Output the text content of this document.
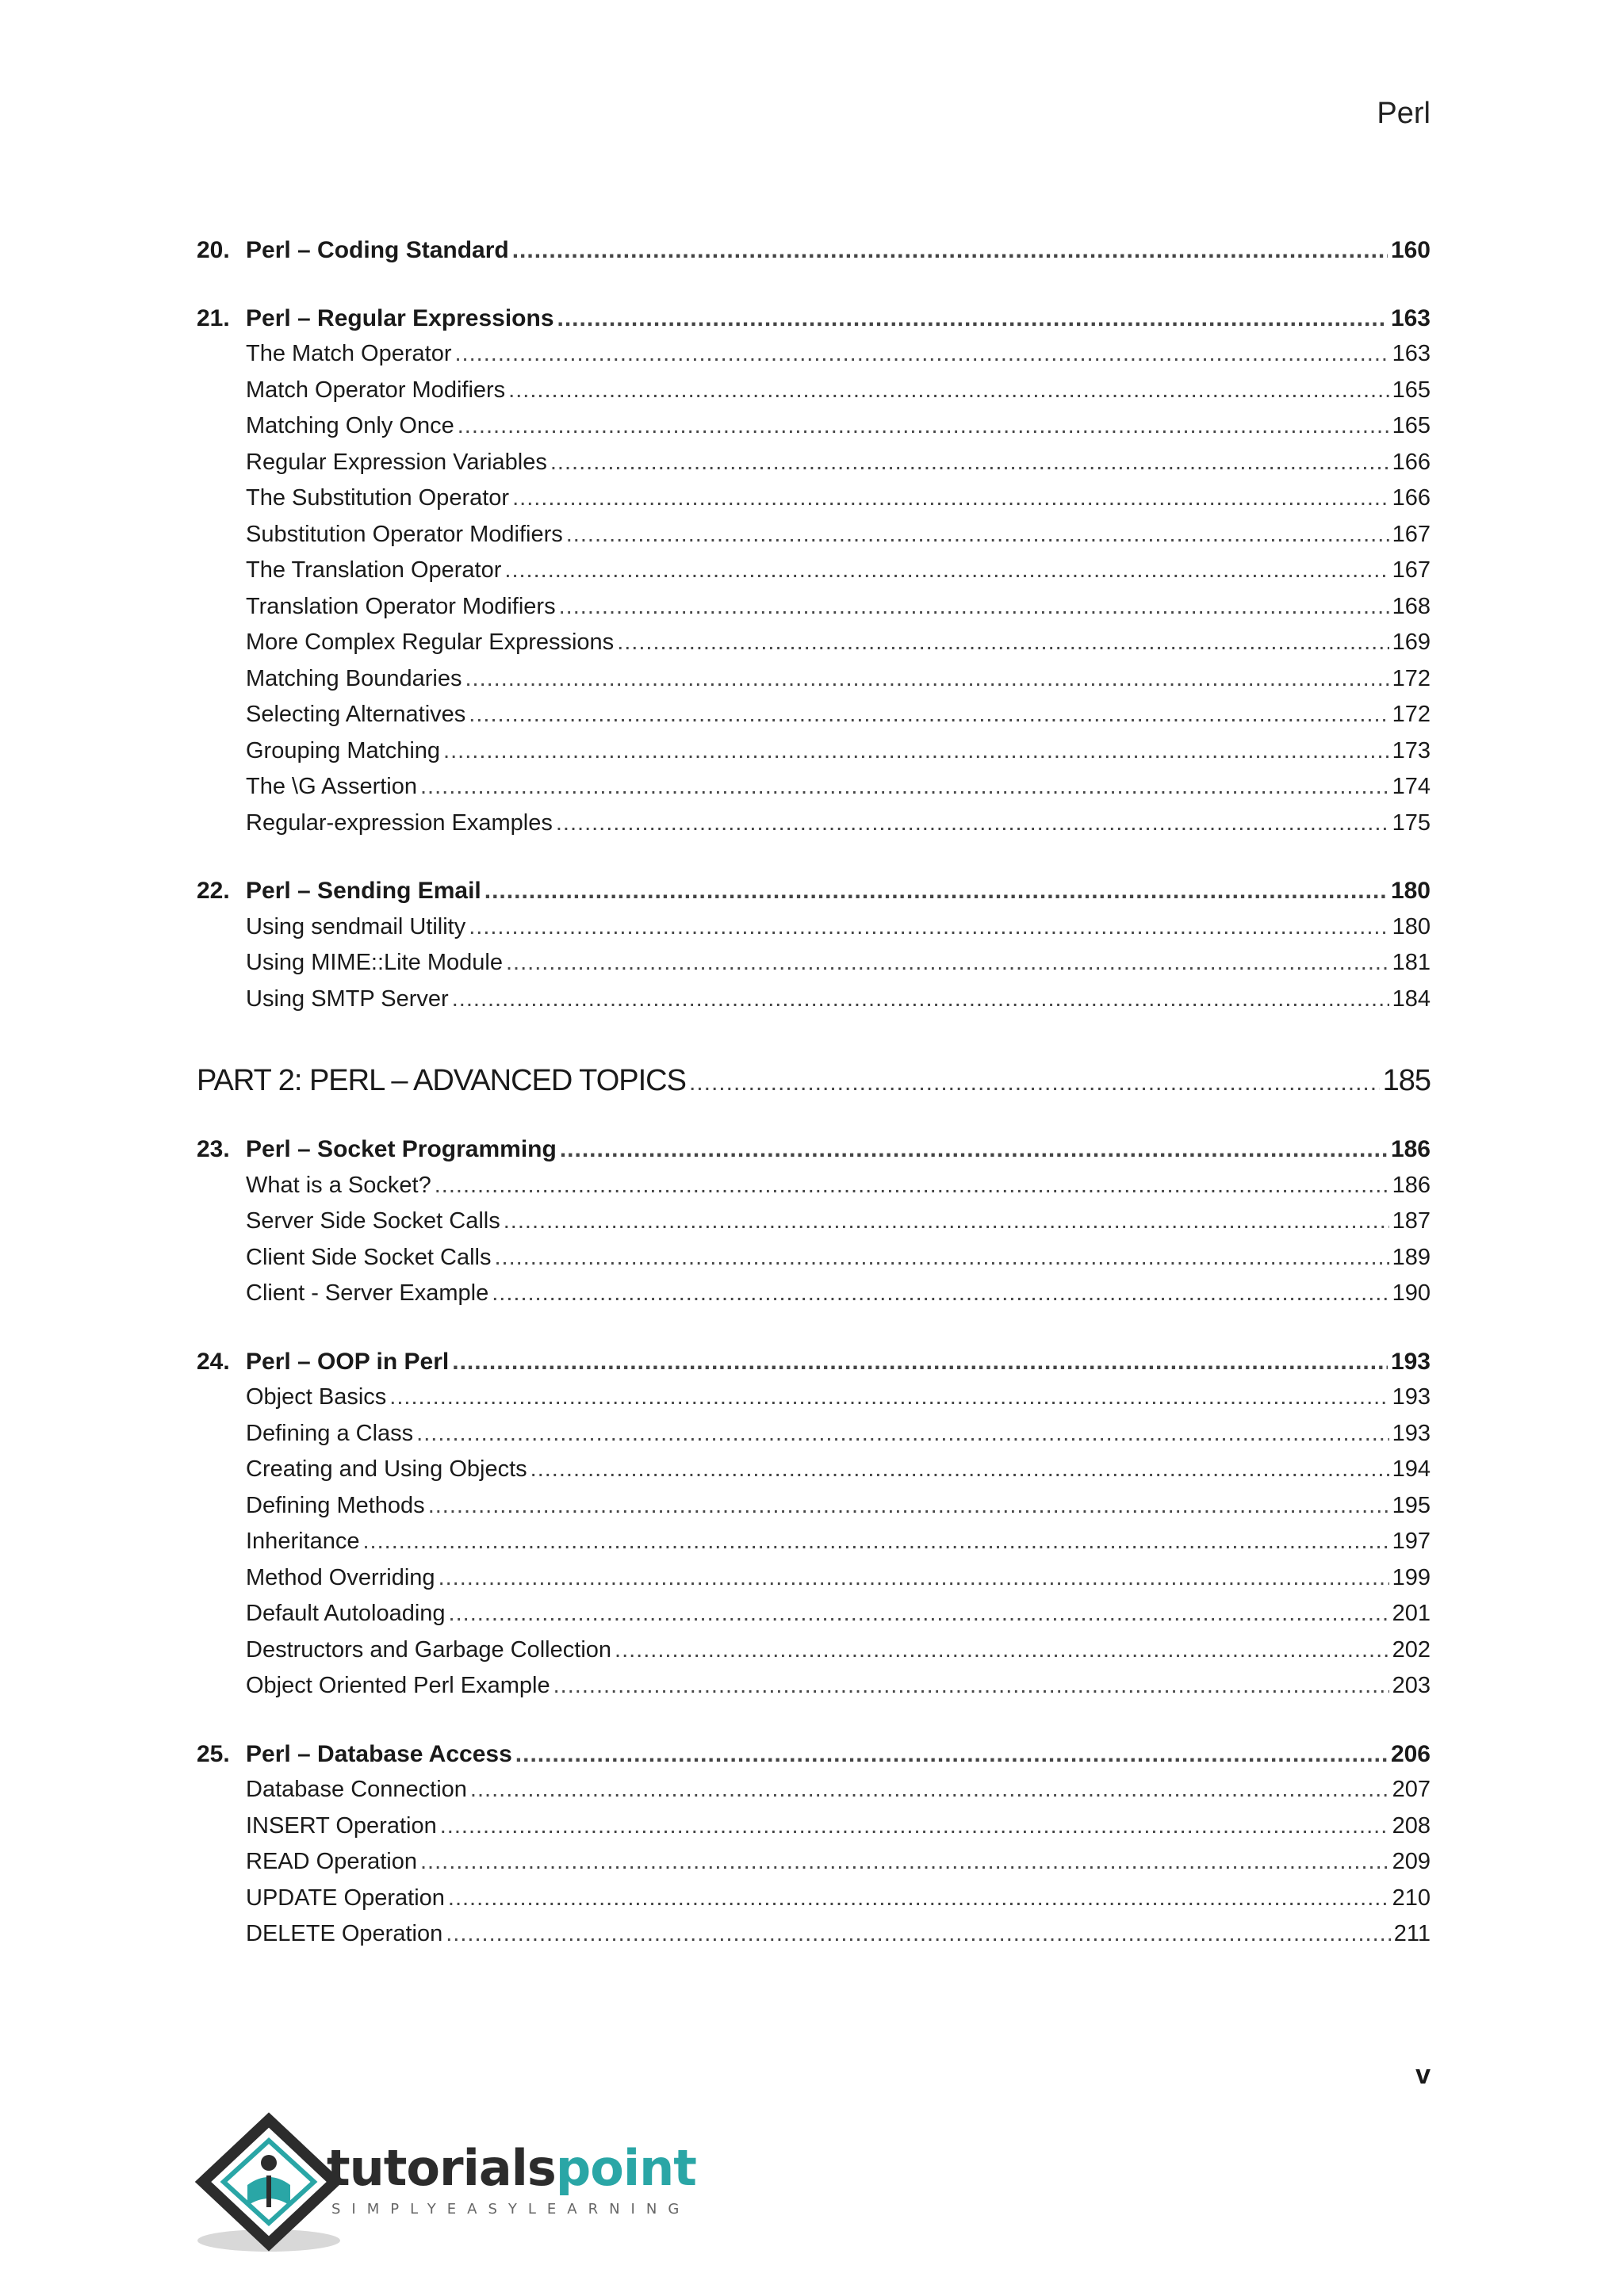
Perl
20. Perl – Coding Standard .....	160
21. Perl – Regular Expressions .....	163
The Match Operator .....	163
Match Operator Modifiers .....	165
Matching Only Once .....	165
Regular Expression Variables .....	166
The Substitution Operator .....	166
Substitution Operator Modifiers .....	167
The Translation Operator .....	167
Translation Operator Modifiers .....	168
More Complex Regular Expressions .....	169
Matching Boundaries .....	172
Selecting Alternatives .....	172
Grouping Matching .....	173
The \G Assertion .....	174
Regular-expression Examples .....	175
22. Perl – Sending Email .....	180
Using sendmail Utility .....	180
Using MIME::Lite Module .....	181
Using SMTP Server .....	184
PART 2: PERL – ADVANCED TOPICS .....	185
23. Perl – Socket Programming .....	186
What is a Socket? .....	186
Server Side Socket Calls .....	187
Client Side Socket Calls .....	189
Client - Server Example .....	190
24. Perl – OOP in Perl .....	193
Object Basics .....	193
Defining a Class .....	193
Creating and Using Objects .....	194
Defining Methods .....	195
Inheritance .....	197
Method Overriding .....	199
Default Autoloading .....	201
Destructors and Garbage Collection .....	202
Object Oriented Perl Example .....	203
25. Perl – Database Access .....	206
Database Connection .....	207
INSERT Operation .....	208
READ Operation .....	209
UPDATE Operation .....	210
DELETE Operation .....	211
v
tutorialspoint
SIMPLYEASYLEARNING
